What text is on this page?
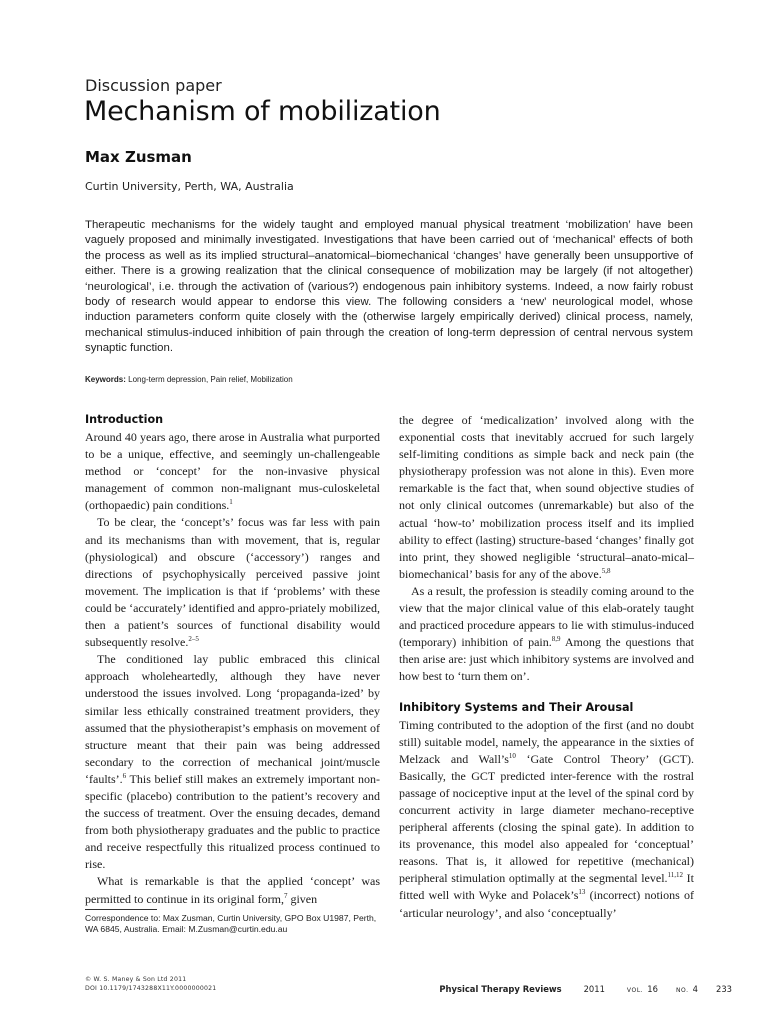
Discussion paper
Mechanism of mobilization
Max Zusman
Curtin University, Perth, WA, Australia

Therapeutic mechanisms for the widely taught and employed manual physical treatment ‘mobilization’ have been vaguely proposed and minimally investigated. Investigations that have been carried out of ‘mechanical’ effects of both the process as well as its implied structural–anatomical–biomechanical ‘changes’ have generally been unsupportive of either. There is a growing realization that the clinical consequence of mobilization may be largely (if not altogether) ‘neurological’, i.e. through the activation of (various?) endogenous pain inhibitory systems. Indeed, a now fairly robust body of research would appear to endorse this view. The following considers a ‘new’ neurological model, whose induction parameters conform quite closely with the (otherwise largely empirically derived) clinical process, namely, mechanical stimulus-induced inhibition of pain through the creation of long-term depression of central nervous system synaptic function.

Keywords: Long-term depression, Pain relief, Mobilization
Introduction

Around 40 years ago, there arose in Australia what purported to be a unique, effective, and seemingly un-challengeable method or ‘concept’ for the non-invasive physical management of common non-malignant mus-culoskeletal (orthopaedic) pain conditions.$^1$

To be clear, the ‘concept’s’ focus was far less with pain and its mechanisms than with movement, that is, regular (physiological) and obscure (‘accessory’) ranges and directions of psychophysically perceived passive joint movement. The implication is that if ‘problems’ with these could be ‘accurately’ identified and appro-priately mobilized, then a patient’s sources of functional disability would subsequently resolve.$^{2-5}$

The conditioned lay public embraced this clinical approach wholeheartedly, although they have never understood the issues involved. Long ‘propaganda-ized’ by similar less ethically constrained treatment providers, they assumed that the physiotherapist’s emphasis on movement of structure meant that their pain was being addressed secondary to the correction of mechanical joint/muscle ‘faults’.$^6$ This belief still makes an extremely important non-specific (placebo) contribution to the patient’s recovery and the success of treatment. Over the ensuing decades, demand from both physiotherapy graduates and the public to practice and receive respectfully this ritualized process continued to rise.

What is remarkable is that the applied ‘concept’ was permitted to continue in its original form,$^7$ given

the degree of ‘medicalization’ involved along with the exponential costs that inevitably accrued for such largely self-limiting conditions as simple back and neck pain (the physiotherapy profession was not alone in this). Even more remarkable is the fact that, when sound objective studies of not only clinical outcomes (unremarkable) but also of the actual ‘how-to’ mobilization process itself and its implied ability to effect (lasting) structure-based ‘changes’ finally got into print, they showed negligible ‘structural–anato-mical–biomechanical’ basis for any of the above.$^{5,8}$

As a result, the profession is steadily coming around to the view that the major clinical value of this elab-orately taught and practiced procedure appears to lie with stimulus-induced (temporary) inhibition of pain.$^{8,9}$ Among the questions that then arise are: just which inhibitory systems are involved and how best to ‘turn them on’.

Inhibitory Systems and Their Arousal

Timing contributed to the adoption of the first (and no doubt still) suitable model, namely, the appearance in the sixties of Melzack and $Wall’s^{10}$ ‘Gate Control Theory’ (GCT). Basically, the GCT predicted inter-ference with the rostral passage of nociceptive input at the level of the spinal cord by concurrent activity in large diameter mechano-receptive peripheral afferents (closing the spinal gate). In addition to its provenance, this model also appealed for ‘conceptual’ reasons. That is, it allowed for repetitive (mechanical) peripheral stimulation optimally at the segmental level.$^{11,12}$ It fitted well with Wyke and $Polacek’s^{13}$ (incorrect) notions of ‘articular neurology’, and also ‘conceptually’

Correspondence to: Max Zusman, Curtin University, GPO Box U1987, Perth, WA 6845, Australia. Email: M.Zusman@curtin.edu.au
© W. S. Maney & Son Ltd 2011
DOI 10.1179/1743288X11Y.0000000021	Physical Therapy Reviews	2011	VOL. 16	NO. 4 233
